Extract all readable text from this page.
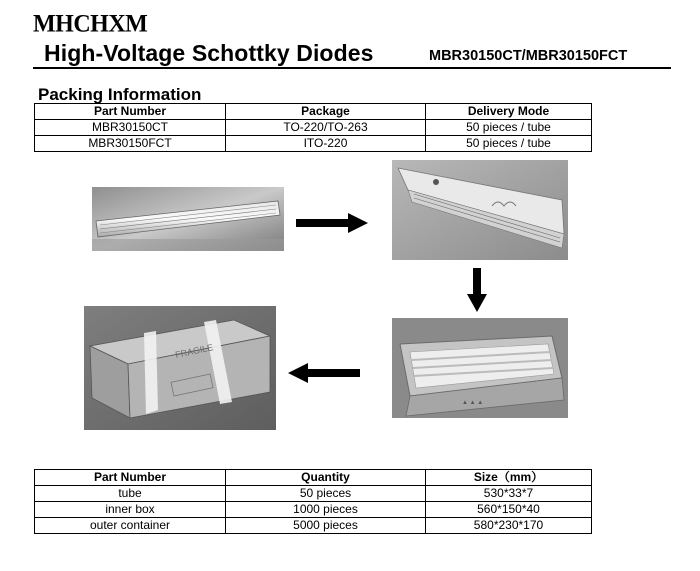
MHCHXM
High-Voltage Schottky Diodes	MBR30150CT/MBR30150FCT
Packing Information
Part Number	Package	Delivery Mode
MBR30150CT	TO-220/TO-263	50 pieces / tube
MBR30150FCT	ITO-220	50 pieces / tube
▲ ▲ ▲
FRAGILE
Part Number	Quantity	Size（mm）
tube	50 pieces	530*33*7
inner box	1000 pieces	560*150*40
outer container	5000 pieces	580*230*170
